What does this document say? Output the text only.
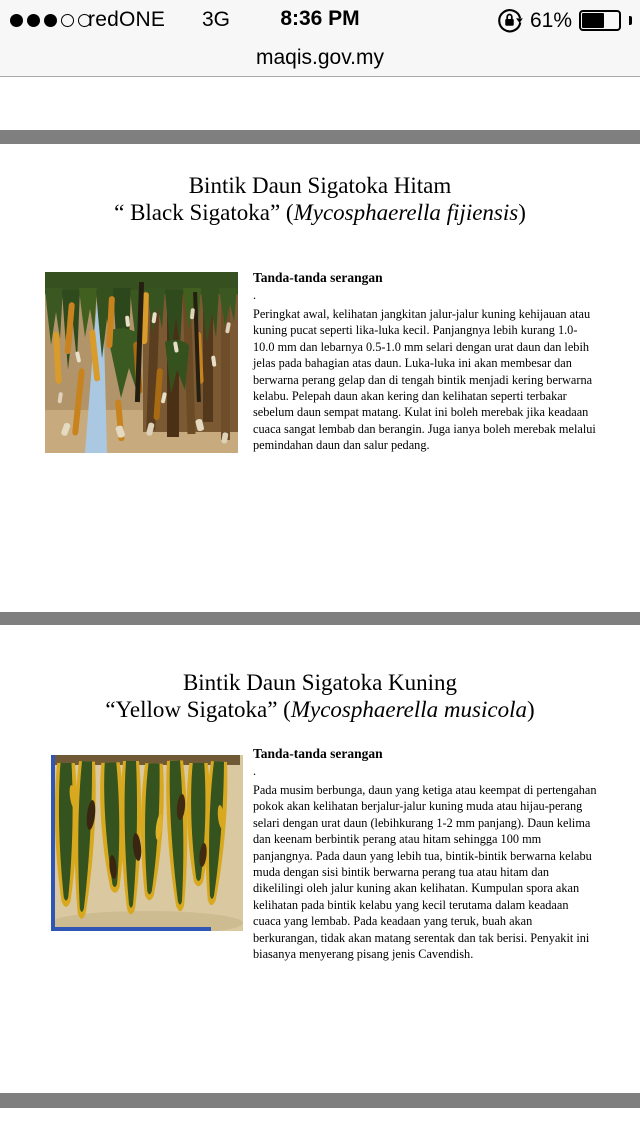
redONE 3G 8:36 PM	61%
maqis.gov.my
Bintik Daun Sigatoka Hitam
“ Black Sigatoka” (Mycosphaerella fijiensis)
Tanda-tanda serangan

.

Peringkat awal, kelihatan jangkitan jalur-jalur kuning kehijauan atau kuning pucat seperti lika-luka kecil. Panjangnya lebih kurang 1.0-10.0 mm dan lebarnya 0.5-1.0 mm selari dengan urat daun dan lebih jelas pada bahagian atas daun. Luka-luka ini akan membesar dan berwarna perang gelap dan di tengah bintik menjadi kering berwarna kelabu. Pelepah daun akan kering dan kelihatan seperti terbakar sebelum daun sempat matang. Kulat ini boleh merebak jika keadaan cuaca sangat lembab dan berangin. Juga ianya boleh merebak melalui pemindahan daun dan salur pedang.

Bintik Daun Sigatoka Kuning
“Yellow Sigatoka” (Mycosphaerella musicola)
Tanda-tanda serangan

.

Pada musim berbunga, daun yang ketiga atau keempat di pertengahan pokok akan kelihatan berjalur-jalur kuning muda atau hijau-perang selari dengan urat daun (lebihkurang 1-2 mm panjang). Daun kelima dan keenam berbintik perang atau hitam sehingga 100 mm panjangnya. Pada daun yang lebih tua, bintik-bintik berwarna kelabu muda dengan sisi bintik berwarna perang tua atau hitam dan dikelilingi oleh jalur kuning akan kelihatan. Kumpulan spora akan kelihatan pada bintik kelabu yang kecil terutama dalam keadaan cuaca yang lembab. Pada keadaan yang teruk, buah akan berkurangan, tidak akan matang serentak dan tak berisi. Penyakit ini biasanya menyerang pisang jenis Cavendish.
